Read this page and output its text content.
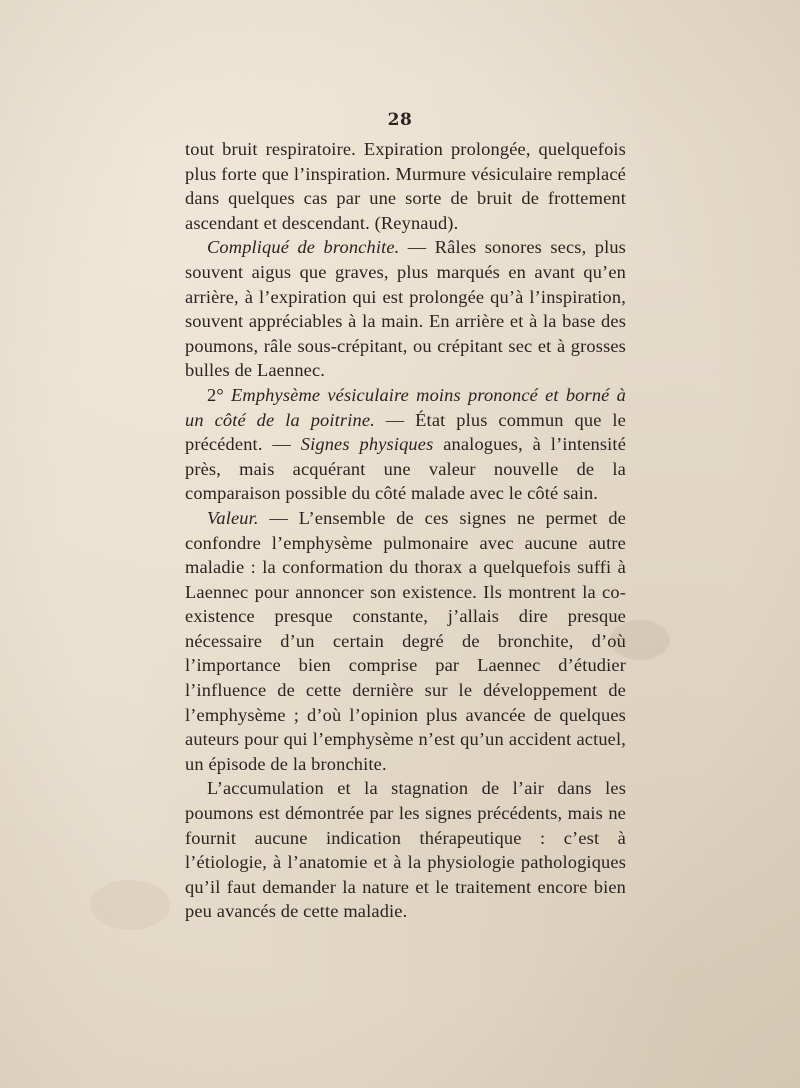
28

tout bruit respiratoire. Expiration prolongée, quelquefois plus forte que l’inspiration. Murmure vésiculaire remplacé dans quelques cas par une sorte de bruit de frottement ascendant et descendant. (Reynaud).

Compliqué de bronchite. — Râles sonores secs, plus souvent aigus que graves, plus marqués en avant qu’en arrière, à l’expiration qui est prolongée qu’à l’inspiration, souvent appréciables à la main. En arrière et à la base des poumons, râle sous-crépitant, ou crépitant sec et à grosses bulles de Laennec.

2° Emphysème vésiculaire moins prononcé et borné à un côté de la poitrine. — État plus commun que le précédent. — Signes physiques analogues, à l’intensité près, mais acquérant une valeur nouvelle de la comparaison possible du côté malade avec le côté sain.

Valeur. — L’ensemble de ces signes ne permet de confondre l’emphysème pulmonaire avec aucune autre maladie : la conformation du thorax a quelquefois suffi à Laennec pour annoncer son existence. Ils montrent la co-existence presque constante, j’allais dire presque nécessaire d’un certain degré de bronchite, d’où l’importance bien comprise par Laennec d’étudier l’influence de cette dernière sur le développement de l’emphysème ; d’où l’opinion plus avancée de quelques auteurs pour qui l’emphysème n’est qu’un accident actuel, un épisode de la bronchite.

L’accumulation et la stagnation de l’air dans les poumons est démontrée par les signes précédents, mais ne fournit aucune indication thérapeutique : c’est à l’étiologie, à l’anatomie et à la physiologie pathologiques qu’il faut demander la nature et le traitement encore bien peu avancés de cette maladie.
